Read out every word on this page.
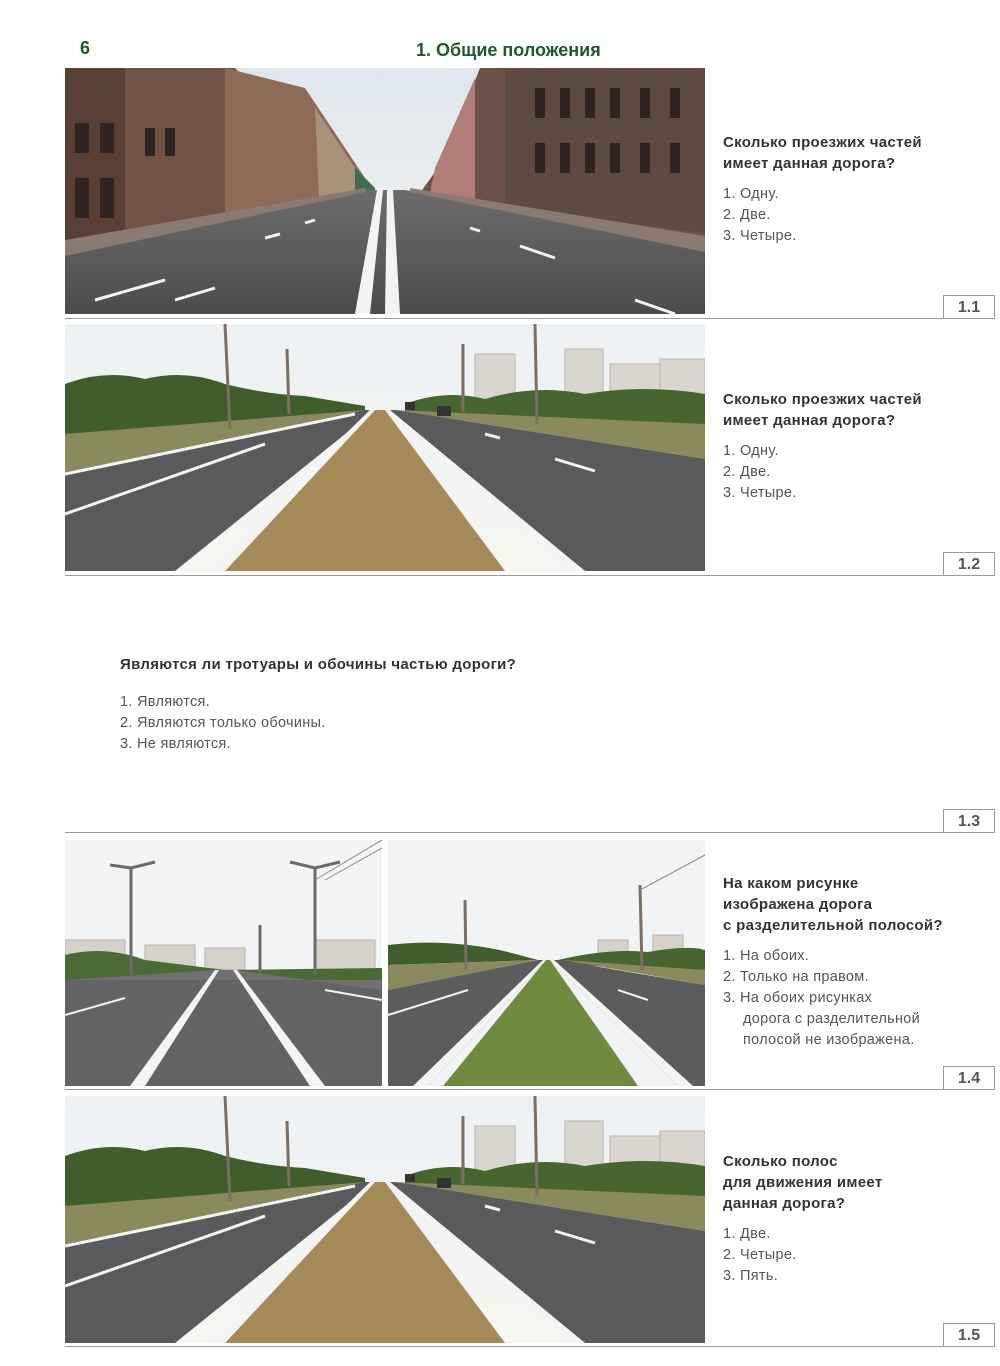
6	1. Общие положения
Сколько проезжих частей
имеет данная дорога?
1. Одну.
2. Две.
3. Четыре.
1.1
Сколько проезжих частей
имеет данная дорога?
1. Одну.
2. Две.
3. Четыре.
1.2
Являются ли тротуары и обочины частью дороги?
1. Являются.
2. Являются только обочины.
3. Не являются.
1.3
На каком рисунке
изображена дорога
с разделительной полосой?
1. На обоих.
2. Только на правом.
3. На обоих рисунках
дорога с разделительной
полосой не изображена.
1.4
Сколько полос
для движения имеет
данная дорога?
1. Две.
2. Четыре.
3. Пять.
1.5
